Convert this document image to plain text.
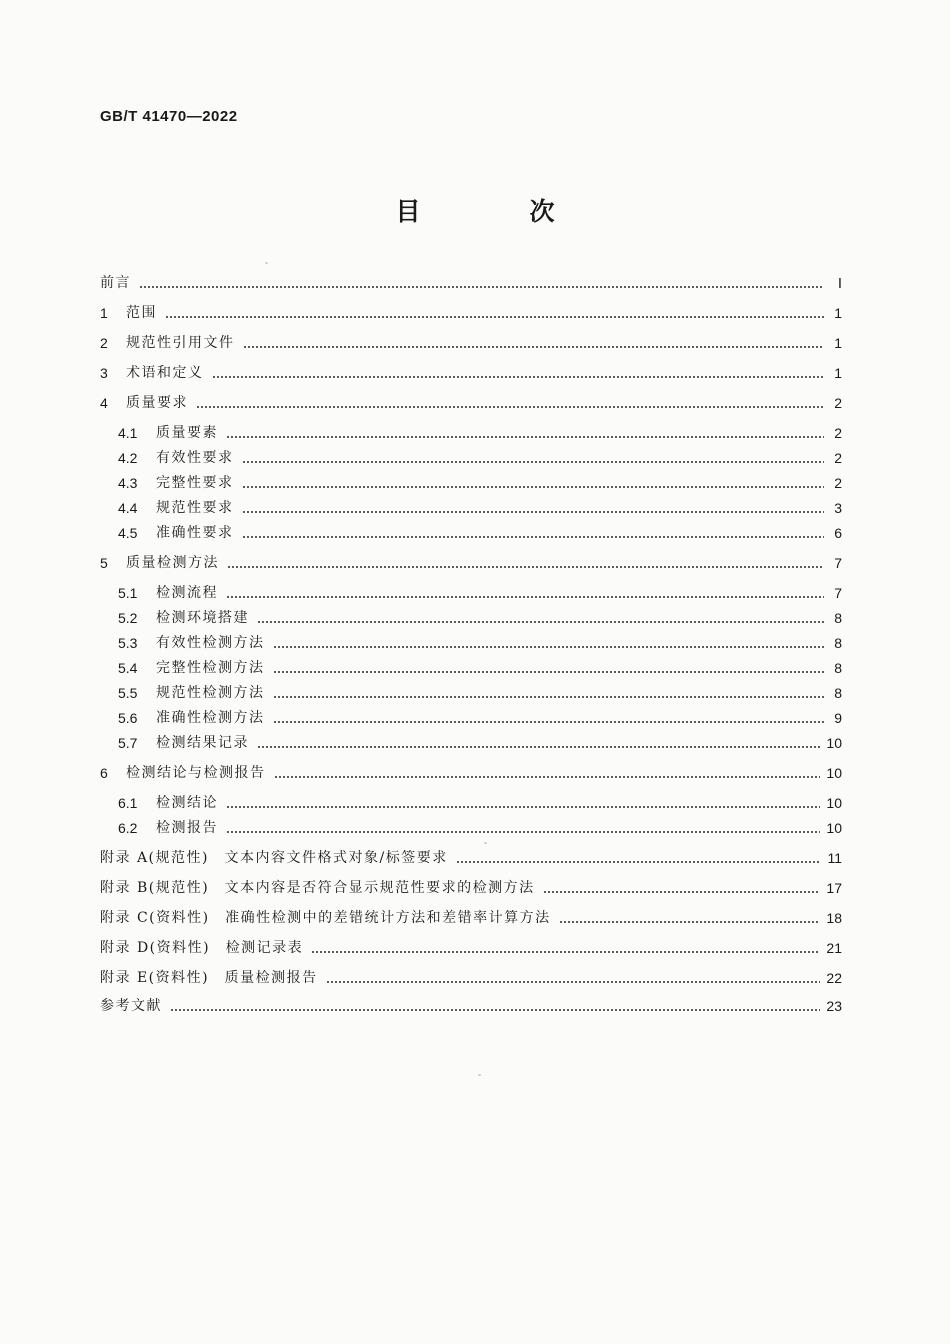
GB/T 41470—2022
目　次
前言	Ⅰ
1	范围	1
2	规范性引用文件	1
3	术语和定义	1
4	质量要求	2
4.1	质量要素	2
4.2	有效性要求	2
4.3	完整性要求	2
4.4	规范性要求	3
4.5	准确性要求	6
5	质量检测方法	7
5.1	检测流程	7
5.2	检测环境搭建	8
5.3	有效性检测方法	8
5.4	完整性检测方法	8
5.5	规范性检测方法	8
5.6	准确性检测方法	9
5.7	检测结果记录	10
6	检测结论与检测报告	10
6.1	检测结论	10
6.2	检测报告	10
附录 A(规范性)　文本内容文件格式对象/标签要求	11
附录 B(规范性)　文本内容是否符合显示规范性要求的检测方法	17
附录 C(资料性)　准确性检测中的差错统计方法和差错率计算方法	18
附录 D(资料性)　检测记录表	21
附录 E(资料性)　质量检测报告	22
参考文献	23
